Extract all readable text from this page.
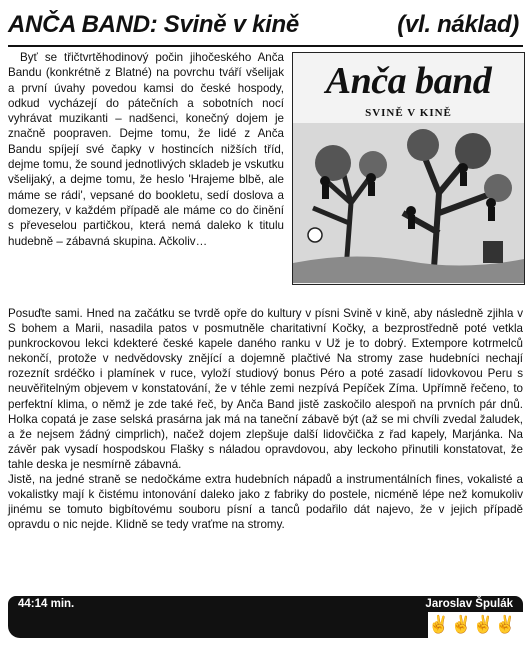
ANČA BAND: Svině v kině	(vl. náklad)

Byť se třičtvrtěhodinový počin jihočeského Anča Bandu (konkrétně z Blatné) na povrchu tváří všelijak a první úvahy povedou kamsi do české hospody, odkud vycházejí do pátečních a sobotních nocí vyhrávat muzikanti – nadšenci, konečný dojem je značně poopraven. Dejme tomu, že lidé z Anča Bandu spíjejí své čapky v hostincích nižších tříd, dejme tomu, že sound jednotlivých skladeb je vskutku všelijaký, a dejme tomu, že heslo 'Hrajeme blbě, ale máme se rádi', vepsané do bookletu, sedí doslova a domezery, v každém případě ale máme co do činění s převeselou partičkou, která nemá daleko k titulu hudebně – zábavná skupina. Ačkoliv…

Anča band
SVINĚ V KINĚ

Posuďte sami. Hned na začátku se tvrdě opře do kultury v písni Svině v kině, aby následně zjihla v S bohem a Marii, nasadila patos v posmutněle charitativní Kočky, a bezprostředně poté vetkla punkrockovou lekci kdekteré české kapele daného ranku v Už je to dobrý. Extempore kotrmelců nekončí, protože v nedvědovsky znějící a dojemně plačtivé Na stromy zase hudebníci nechají rozeznít srdéčko i plamínek v ruce, vyloží studiový bonus Péro a poté zasadí lidovkovou Peru s neuvěřitelným objevem v konstatování, že v téhle zemi nezpívá Pepíček Zíma. Upřímně řečeno, to perfektní klima, o němž je zde také řeč, by Anča Band jistě zaskočilo alespoň na prvních pár dnů. Holka copatá je zase selská prasárna jak má na taneční zábavě být (až se mi chvíli zvedal žaludek, a že nejsem žádný cimprlich), načež dojem zlepšuje další lidovčička z řad kapely, Marjánka. Na závěr pak vysadí hospodskou Flašky s náladou opravdovou, aby leckoho přinutili konstatovat, že tahle deska je nesmírně zábavná.

Jistě, na jedné straně se nedočkáme extra hudebních nápadů a instrumentálních fines, vokalisté a vokalistky mají k čistému intonování daleko jako z fabriky do postele, nicméně lépe než komukoliv jinému se tomuto bigbítovému souboru písní a tanců podařilo dát najevo, že v jejich případě opravdu o nic nejde. Klidně se tedy vraťme na stromy.

44:14 min.	Jaroslav Špulák
✌✌✌✌
